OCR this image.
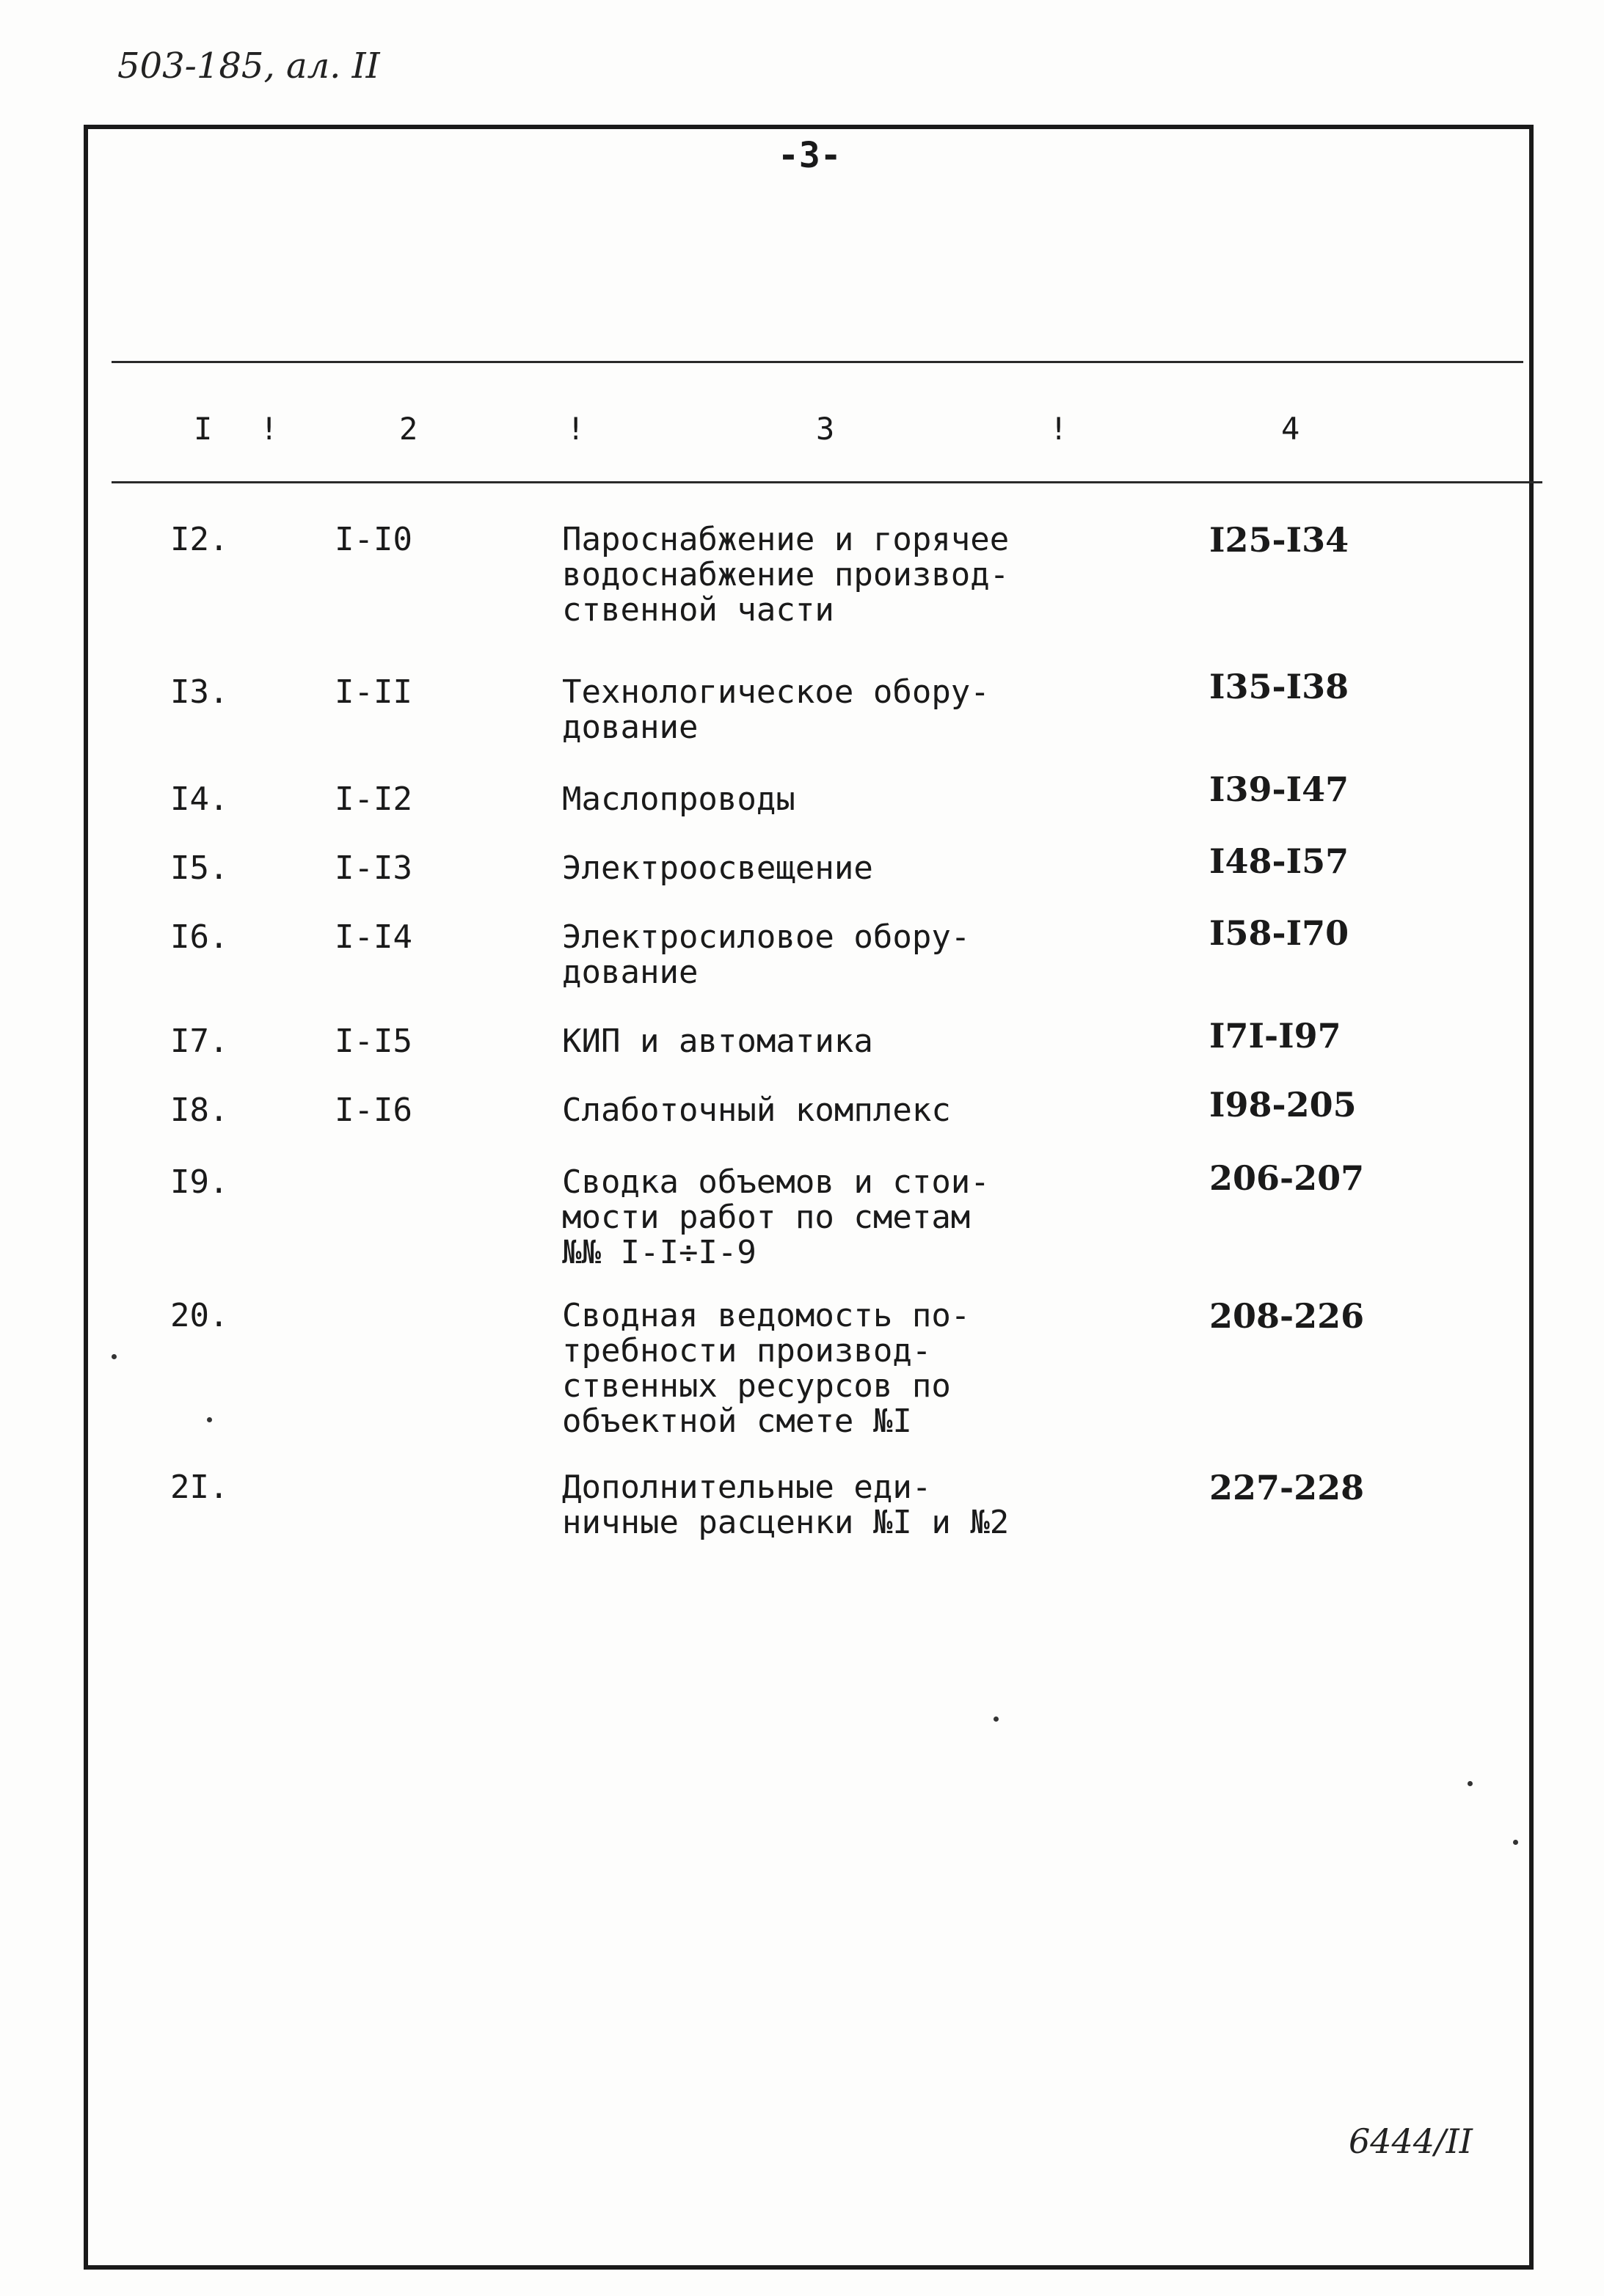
503-185, ал. II
-3-
I !	2	!	3	!	4
I2.	I-I0	Пароснабжение и горячее
водоснабжение производ-
ственной части
I25-I34
I3.	I-II	Технологическое обору-
дование
I35-I38
I4.	I-I2	Маслопроводы	I39-I47
I5.	I-I3	Электроосвещение	I48-I57
I6.	I-I4	Электросиловое обору-
дование
I58-I70
I7.	I-I5	КИП и автоматика	I7I-I97
I8.	I-I6	Слаботочный комплекс	I98-205
I9.	Сводка объемов и стои-
мости работ по сметам
№№ I-I÷I-9
206-207
20.	Сводная ведомость по-
требности производ-
ственных ресурсов по
объектной смете №I
208-226
2I.	Дополнительные еди-
ничные расценки №I и №2
227-228
6444/II
